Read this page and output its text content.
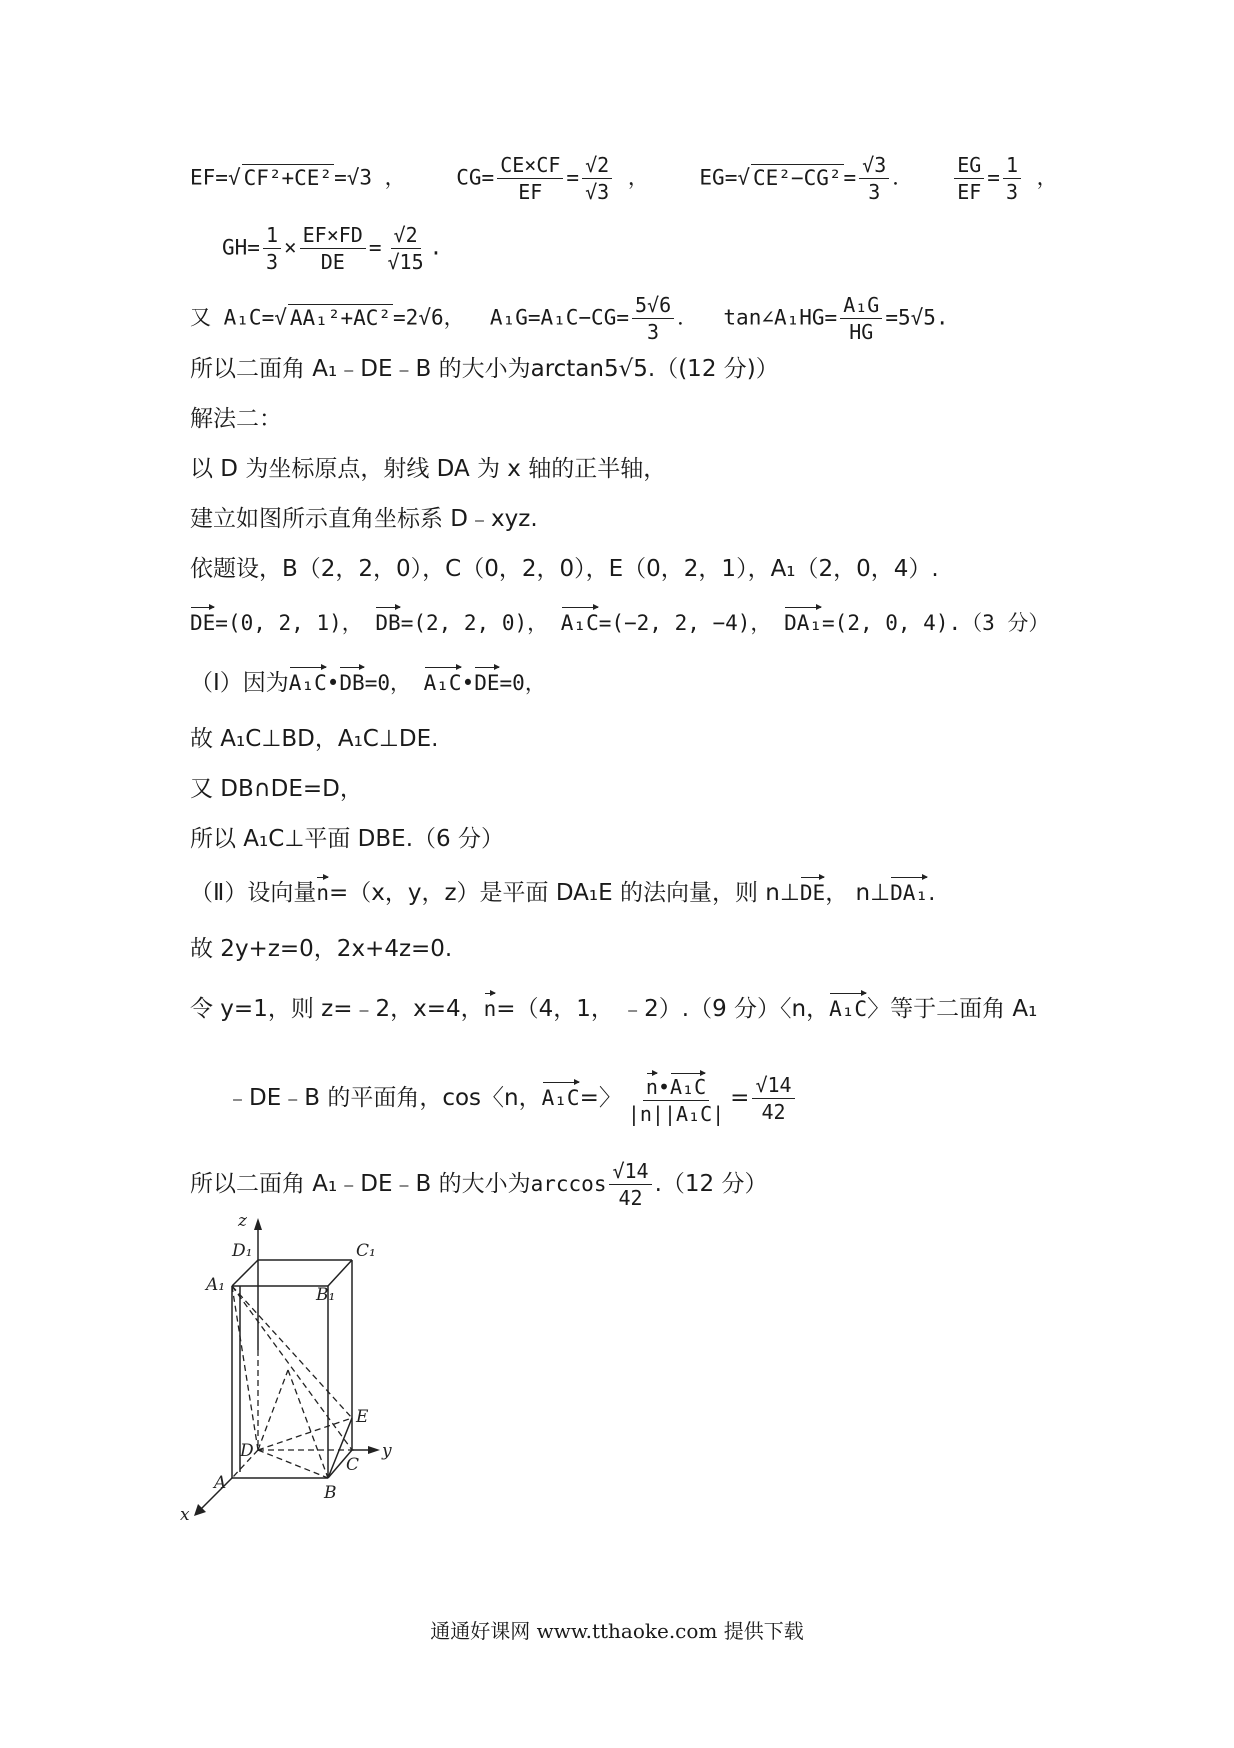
EF=√ CF²+CE²=√3 ， $CG= \frac{CE\times CF}{EF} = \frac{√2}{√3}$ ， EG=√ $CE^2-CG^2= \frac{√3}{3}$ ． $\frac{EG}{EF} = \frac{1}{3}$ ，
$GH= \frac{1}{3} \times \frac{EF\times FD}{DE} = \frac{√2}{√15}$ .
又 A₁C=√ AA₁²+AC²=2√6， $A_1G=A_1C-CG= \frac{5√6}{3}$ ． tan∠A₁HG= $\frac{\text{A₁G}}{HG} =5√5$.
所以二面角 A₁﹣DE﹣B 的大小为arctan5√5.（(12 分)）
解法二：
以 D 为坐标原点，射线 DA 为 x 轴的正半轴，
建立如图所示直角坐标系 D﹣xyz.
依题设，B（2，2，0），C（0，2，0），E（0，2，1），A₁（2，0，4）.
DE=(0, 2, 1)， DB=(2, 2, 0)， A₁C=(−2, 2, −4)， DA₁=(2, 0, 4).（3 分）
（Ⅰ）因为A₁C•DB=0， A₁C•DE=0，
故 A₁C⊥BD，A₁C⊥DE.
又 DB∩DE=D，
所以 A₁C⊥平面 DBE.（6 分）
（Ⅱ）设向量n=（x，y，z）是平面 DA₁E 的法向量，则 n⊥DE， n⊥DA₁.
故 2y+z=0，2x+4z=0.
令 y=1，则 z=﹣2，x=4，n=（4，1， ﹣2）.（9 分）〈n，A₁C〉等于二面角 A₁
﹣DE﹣B 的平面角，cos〈n，A₁C=〉 $\frac{\text{n•A₁C}}{\text{|n||A₁C|}} = \frac{√14}{42}$
所以二面角 A₁﹣DE﹣B 的大小为$\arccos \frac{√14}{42} .(12$ 分）
z
D₁	C₁
A₁	B₁
E
D
C
y
A	B
x
通通好课网 www.tthaoke.com 提供下载
